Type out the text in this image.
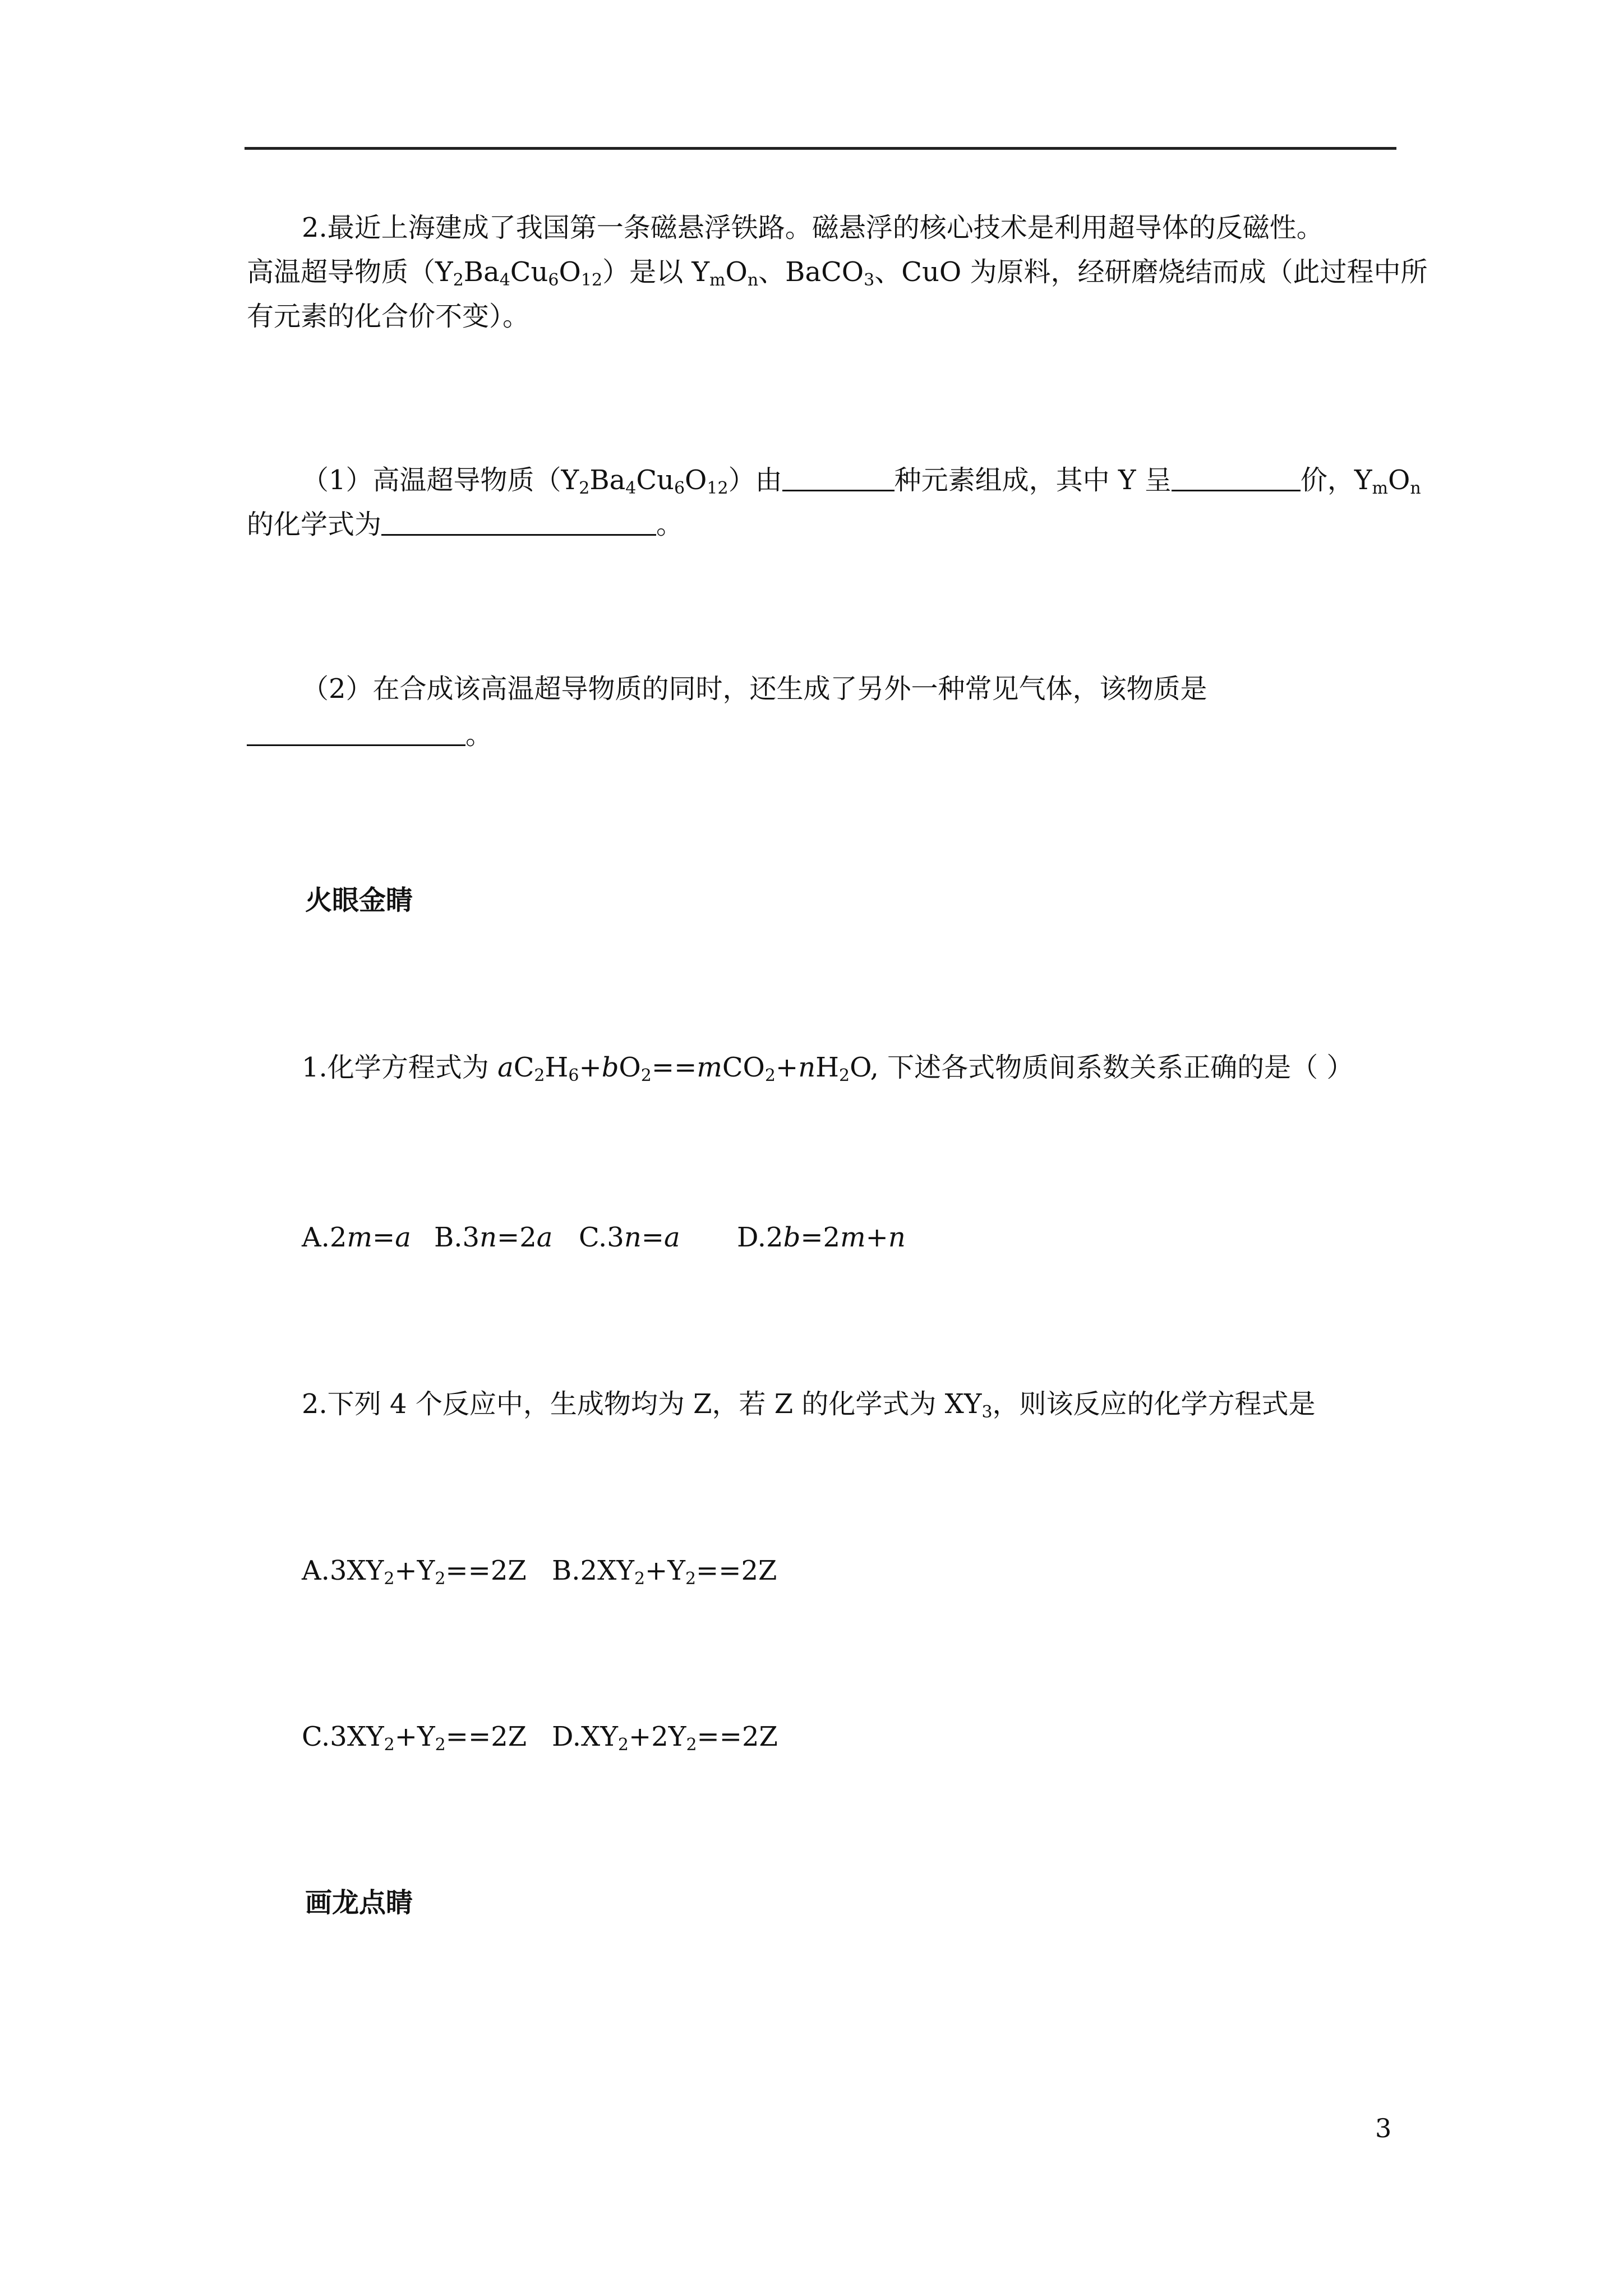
2.最近上海建成了我国第一条磁悬浮铁路。磁悬浮的核心技术是利用超导体的反磁性。
高温超导物质$(Y_2Ba_4Cu_6O_{12})$是以 $Y_mO_n$、BaCO$_3$、CuO 为原料，经研磨烧结而成（此过程中所
有元素的化合价不变）。
（1）高温超导物质$(Y_2Ba_4Cu_6O_{12})$由	种元素组成，其中 Y 呈	价，$Y_mO_n$
的化学式为	。
（2）在合成该高温超导物质的同时，还生成了另外一种常见气体，该物质是
。
火眼金睛
1.化学方程式为 $aC_2H_6+bO_2==mCO_2+nH_2O$, 下述各式物质间系数关系正确的是（ ）
A.2m=a B.3n=2a C.3n=a D.2b=2m+n
2.下列 4 个反应中，生成物均为 Z，若 Z 的化学式为 $XY_3$，则该反应的化学方程式是
$A.3XY_2+Y_2==2Z$ $B.2XY_2+Y_2==2Z$
$C.3XY_2+Y_2==2Z$ $D.XY_2+2Y_2==2Z$
画龙点睛
3
